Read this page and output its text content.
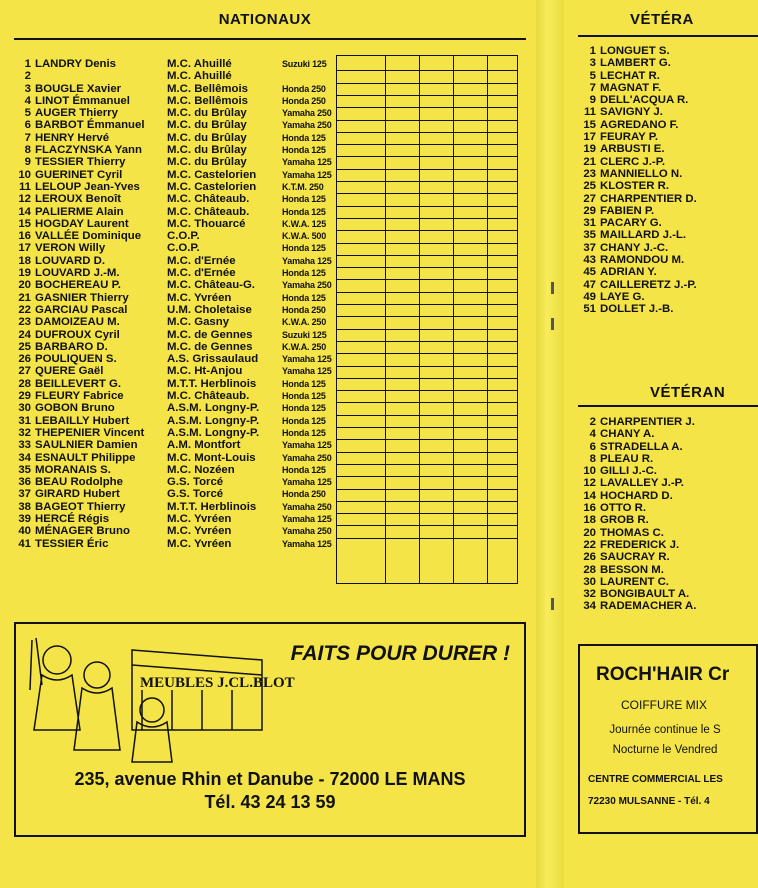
NATIONAUX
1 LANDRY Denis	M.C. Ahuillé	Suzuki 125
2	M.C. Ahuillé
3 BOUGLE Xavier	M.C. Bellêmois	Honda 250
4 LINOT Émmanuel	M.C. Bellêmois	Honda 250
5 AUGER Thierry	M.C. du Brûlay	Yamaha 250
6 BARBOT Émmanuel	M.C. du Brûlay	Yamaha 250
7 HENRY Hervé	M.C. du Brûlay	Honda 125
8 FLACZYNSKA Yann	M.C. du Brûlay	Honda 125
9 TESSIER Thierry	M.C. du Brûlay	Yamaha 125
10 GUERINET Cyril	M.C. Castelorien	Yamaha 125
11 LELOUP Jean-Yves	M.C. Castelorien	K.T.M. 250
12 LEROUX Benoît	M.C. Châteaub.	Honda 125
14 PALIERME Alain	M.C. Châteaub.	Honda 125
15 HOGDAY Laurent	M.C. Thouarcé	K.W.A. 125
16 VALLÉE Dominique	C.O.P.	K.W.A. 500
17 VERON Willy	C.O.P.	Honda 125
18 LOUVARD D.	M.C. d'Ernée	Yamaha 125
19 LOUVARD J.-M.	M.C. d'Ernée	Honda 125
20 BOCHEREAU P.	M.C. Château-G.	Yamaha 250
21 GASNIER Thierry	M.C. Yvréen	Honda 125
22 GARCIAU Pascal	U.M. Choletaise	Honda 250
23 DAMOIZEAU M.	M.C. Gasny	K.W.A. 250
24 DUFROUX Cyril	M.C. de Gennes	Suzuki 125
25 BARBARO D.	M.C. de Gennes	K.W.A. 250
26 POULIQUEN S.	A.S. Grissaulaud	Yamaha 125
27 QUERE Gaël	M.C. Ht-Anjou	Yamaha 125
28 BEILLEVERT G.	M.T.T. Herblinois	Honda 125
29 FLEURY Fabrice	M.C. Châteaub.	Honda 125
30 GOBON Bruno	A.S.M. Longny-P.	Honda 125
31 LEBAILLY Hubert	A.S.M. Longny-P.	Honda 125
32 THEPENIER Vincent	A.S.M. Longny-P.	Honda 125
33 SAULNIER Damien	A.M. Montfort	Yamaha 125
34 ESNAULT Philippe	M.C. Mont-Louis	Yamaha 250
35 MORANAIS S.	M.C. Nozéen	Honda 125
36 BEAU Rodolphe	G.S. Torcé	Yamaha 125
37 GIRARD Hubert	G.S. Torcé	Honda 250
38 BAGEOT Thierry	M.T.T. Herblinois	Yamaha 250
39 HERCÉ Régis	M.C. Yvréen	Yamaha 125
40 MÉNAGER Bruno	M.C. Yvréen	Yamaha 250
41 TESSIER Éric	M.C. Yvréen	Yamaha 125
VÉTÉRA
1 LONGUET S.
3 LAMBERT G.
5 LECHAT R.
7 MAGNAT F.
9 DELL'ACQUA R.
11 SAVIGNY J.
15 AGREDANO F.
17 FEURAY P.
19 ARBUSTI E.
21 CLERC J.-P.
23 MANNIELLO N.
25 KLOSTER R.
27 CHARPENTIER D.
29 FABIEN P.
31 PACARY G.
35 MAILLARD J.-L.
37 CHANY J.-C.
43 RAMONDOU M.
45 ADRIAN Y.
47 CAILLERETZ J.-P.
49 LAYE G.
51 DOLLET J.-B.
VÉTÉRAN
2 CHARPENTIER J.
4 CHANY A.
6 STRADELLA A.
8 PLEAU R.
10 GILLI J.-C.
12 LAVALLEY J.-P.
14 HOCHARD D.
16 OTTO R.
18 GROB R.
20 THOMAS C.
22 FREDERICK J.
26 SAUCRAY R.
28 BESSON M.
30 LAURENT C.
32 BONGIBAULT A.
34 RADEMACHER A.
MEUBLES J.CL.BLOT
FAITS POUR DURER !
235, avenue Rhin et Danube - 72000 LE MANS
Tél. 43 24 13 59
ROCH'HAIR Cr
COIFFURE MIX
Journée continue le S
Nocturne le Vendred
CENTRE COMMERCIAL LES
72230 MULSANNE - Tél. 4
